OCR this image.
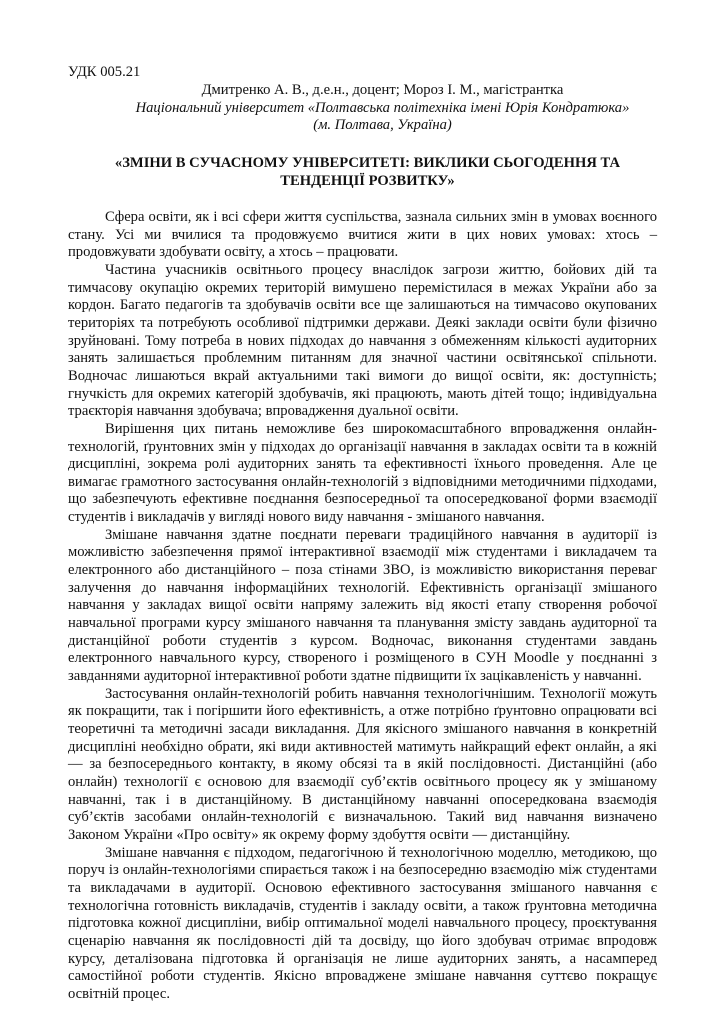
УДК 005.21

Дмитренко А. В., д.е.н., доцент; Мороз І. М., магістрантка

Національний університет «Полтавська політехніка імені Юрія Кондратюка»

(м. Полтава, Україна)

«ЗМІНИ В СУЧАСНОМУ УНІВЕРСИТЕТІ: ВИКЛИКИ СЬОГОДЕННЯ ТА
ТЕНДЕНЦІЇ РОЗВИТКУ»

Сфера освіти, як і всі сфери життя суспільства, зазнала сильних змін в умовах воєнного стану. Усі ми вчилися та продовжуємо вчитися жити в цих нових умовах: хтось – продовжувати здобувати освіту, а хтось – працювати.

Частина учасників освітнього процесу внаслідок загрози життю, бойових дій та тимчасову окупацію окремих територій вимушено перемістилася в межах України або за кордон. Багато педагогів та здобувачів освіти все ще залишаються на тимчасово окупованих територіях та потребують особливої підтримки держави. Деякі заклади освіти були фізично зруйновані. Тому потреба в нових підходах до навчання з обмеженням кількості аудиторних занять залишається проблемним питанням для значної частини освітянської спільноти. Водночас лишаються вкрай актуальними такі вимоги до вищої освіти, як: доступність; гнучкість для окремих категорій здобувачів, які працюють, мають дітей тощо; індивідуальна траєкторія навчання здобувача; впровадження дуальної освіти.

Вирішення цих питань неможливе без широкомасштабного впровадження онлайн-технологій, ґрунтовних змін у підходах до організації навчання в закладах освіти та в кожній дисципліні, зокрема ролі аудиторних занять та ефективності їхнього проведення. Але це вимагає грамотного застосування онлайн-технологій з відповідними методичними підходами, що забезпечують ефективне поєднання безпосередньої та опосередкованої форми взаємодії студентів і викладачів у вигляді нового виду навчання - змішаного навчання.

Змішане навчання здатне поєднати переваги традиційного навчання в аудиторії із можливістю забезпечення прямої інтерактивної взаємодії між студентами і викладачем та електронного або дистанційного – поза стінами ЗВО, із можливістю використання переваг залучення до навчання інформаційних технологій. Ефективність організації змішаного навчання у закладах вищої освіти напряму залежить від якості етапу створення робочої навчальної програми курсу змішаного навчання та планування змісту завдань аудиторної та дистанційної роботи студентів з курсом. Водночас, виконання студентами завдань електронного навчального курсу, створеного і розміщеного в СУН Moodle у поєднанні з завданнями аудиторної інтерактивної роботи здатне підвищити їх зацікавленість у навчанні.

Застосування онлайн-технологій робить навчання технологічнішим. Технології можуть як покращити, так і погіршити його ефективність, а отже потрібно ґрунтовно опрацювати всі теоретичні та методичні засади викладання. Для якісного змішаного навчання в конкретній дисципліні необхідно обрати, які види активностей матимуть найкращий ефект онлайн, а які — за безпосереднього контакту, в якому обсязі та в якій послідовності. Дистанційні (або онлайн) технології є основою для взаємодії суб’єктів освітнього процесу як у змішаному навчанні, так і в дистанційному. В дистанційному навчанні опосередкована взаємодія суб’єктів засобами онлайн-технологій є визначальною. Такий вид навчання визначено Законом України «Про освіту» як окрему форму здобуття освіти — дистанційну.

Змішане навчання є підходом, педагогічною й технологічною моделлю, методикою, що поруч із онлайн-технологіями спирається також і на безпосередню взаємодію між студентами та викладачами в аудиторії. Основою ефективного застосування змішаного навчання є технологічна готовність викладачів, студентів і закладу освіти, а також ґрунтовна методична підготовка кожної дисципліни, вибір оптимальної моделі навчального процесу, проєктування сценарію навчання як послідовності дій та досвіду, що його здобувач отримає впродовж курсу, деталізована підготовка й організація не лише аудиторних занять, а насамперед самостійної роботи студентів. Якісно впроваджене змішане навчання суттєво покращує освітній процес.
